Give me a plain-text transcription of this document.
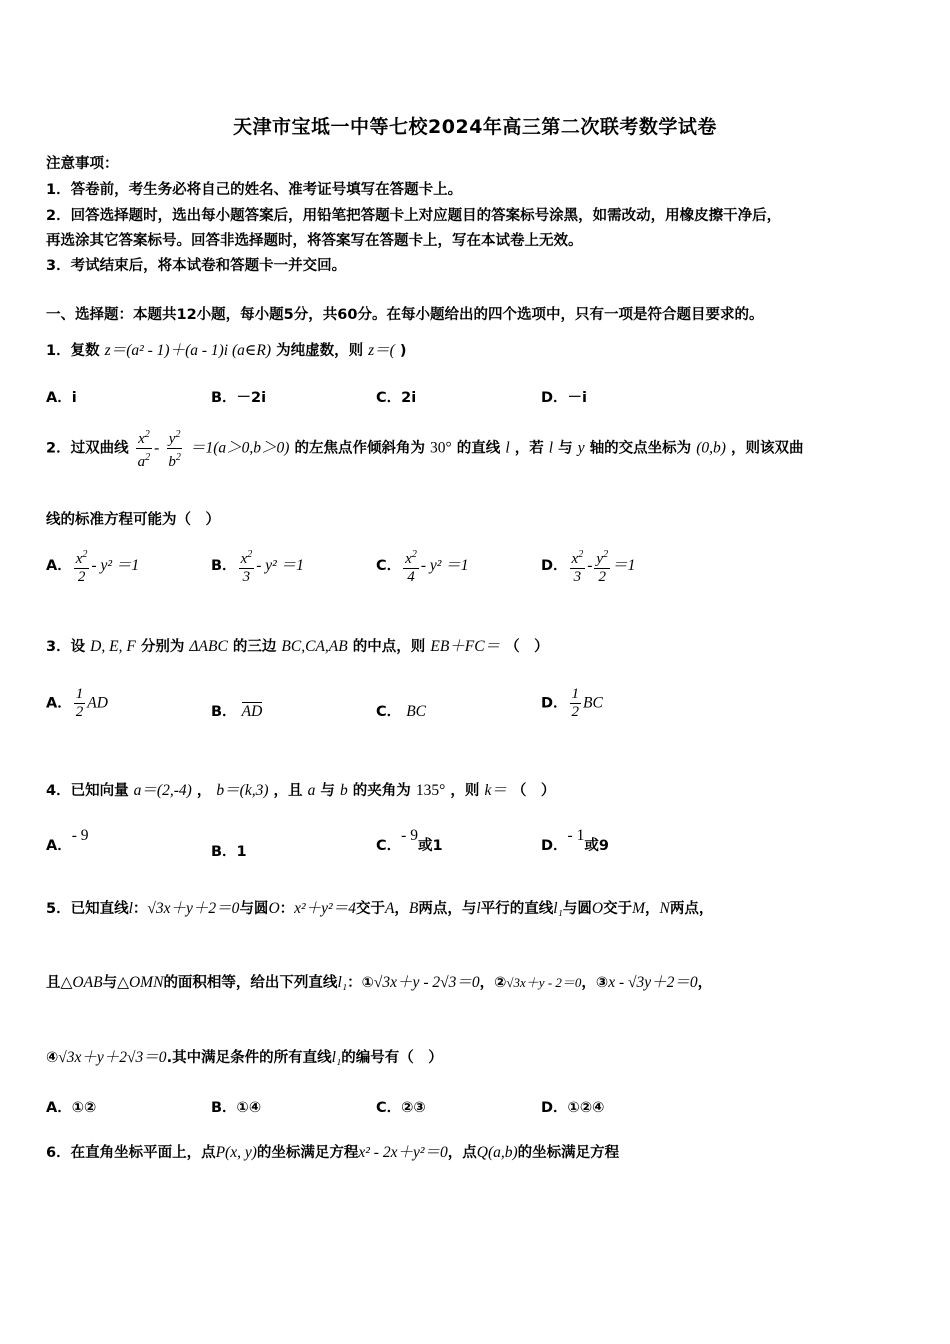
天津市宝坻一中等七校2024年高三第二次联考数学试卷
注意事项：
1．答卷前，考生务必将自己的姓名、准考证号填写在答题卡上。
2．回答选择题时，选出每小题答案后，用铅笔把答题卡上对应题目的答案标号涂黑，如需改动，用橡皮擦干净后，
再选涂其它答案标号。回答非选择题时，将答案写在答题卡上，写在本试卷上无效。
3．考试结束后，将本试卷和答题卡一并交回。
一、选择题：本题共12小题，每小题5分，共60分。在每小题给出的四个选项中，只有一项是符合题目要求的。
1．复数 z＝(a² - 1)＋(a - 1)i (a∈R) 为纯虚数，则 z＝( )
A．i	B．－2i	C．2i	D．－i
2．过双曲线 $\frac{x^2}{a^2} - \frac{y^2}{b^2} =1(a>0,b>0)$ 的左焦点作倾斜角为 30° 的直线 l ，若 l 与 y 轴的交点坐标为 (0,b) ，则该双曲
线的标准方程可能为（　）
A． $\frac{x^2}{2} - y^2 =1$	B． $\frac{x^2}{3} - y^2 =1$	C． $\frac{x^2}{4} - y^2 =1$	D． $\frac{x^2}{3} - \frac{y^2}{2} =1$
3．设 D, E, F 分别为 ΔABC 的三边 BC,CA,AB 的中点，则 EB＋FC＝ （　）
A． $\frac{1}{2}$ AD
B． AD	C． BC	D． $\frac{1}{2}$ BC
4．已知向量 a＝(2,-4) ， b＝(k,3) ，且 a 与 b 的夹角为 135° ，则 k＝ （　）
A．- 9
B．1	C．- 9或1	D．- 1或9
5．已知直线l：√3x＋y＋2＝0与圆O：x²＋y²＝4交于A，B两点，与l平行的直线l₁与圆O交于M，N两点，
且△OAB与△OMN的面积相等，给出下列直线l₁：①√3x＋y - 2√3＝0，②√3x＋y - 2＝0，③x - √3y＋2＝0，
④√3x＋y＋2√3＝0.其中满足条件的所有直线l₁的编号有（　）
A．①②	B．①④	C．②③	D．①②④
6．在直角坐标平面上，点P(x, y)的坐标满足方程x² - 2x＋y²＝0，点Q(a,b)的坐标满足方程
